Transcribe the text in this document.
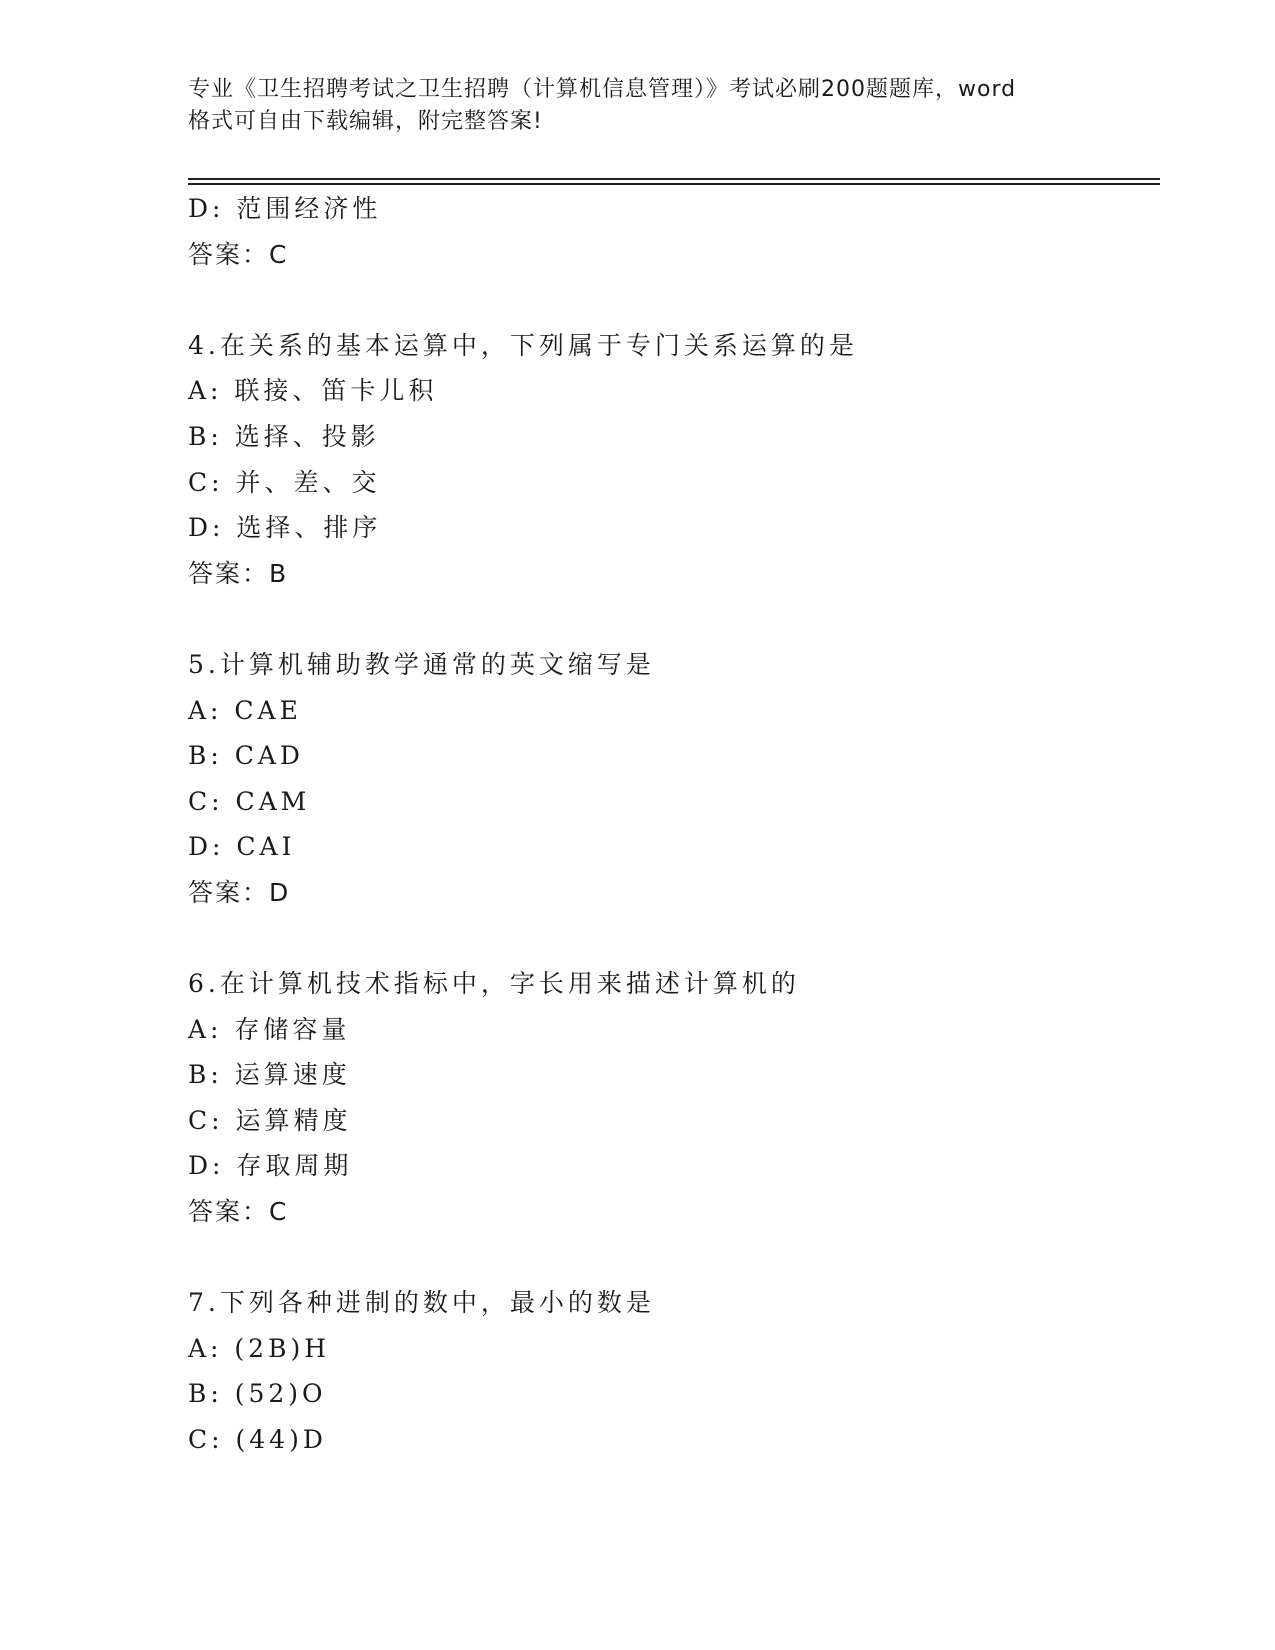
专业《卫生招聘考试之卫生招聘（计算机信息管理）》考试必刷200题题库，word
格式可自由下载编辑，附完整答案!
D: 范围经济性
答案：C
4.在关系的基本运算中，下列属于专门关系运算的是
A: 联接、笛卡儿积
B: 选择、投影
C: 并、差、交
D: 选择、排序
答案：B
5.计算机辅助教学通常的英文缩写是
A: CAE
B: CAD
C: CAM
D: CAI
答案：D
6.在计算机技术指标中，字长用来描述计算机的
A: 存储容量
B: 运算速度
C: 运算精度
D: 存取周期
答案：C
7.下列各种进制的数中，最小的数是
A: (2B)H
B: (52)O
C: (44)D
